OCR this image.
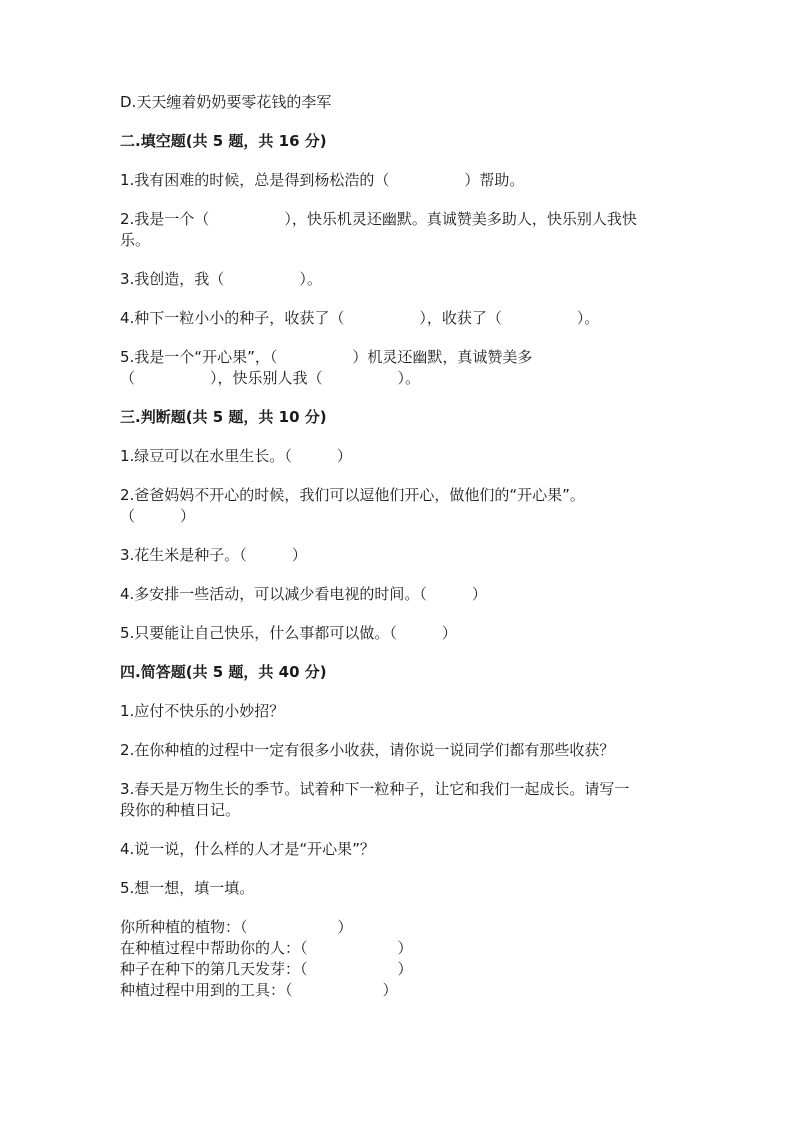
D.天天缠着奶奶要零花钱的李军

二.填空题(共 5 题，共 16 分)

1.我有困难的时候，总是得到杨松浩的（　　　　　）帮助。

2.我是一个（　　　　　），快乐机灵还幽默。真诚赞美多助人，快乐别人我快

乐。

3.我创造，我（　　　　　）。

4.种下一粒小小的种子，收获了（　　　　　），收获了（　　　　　）。

5.我是一个“开心果”，（　　　　　）机灵还幽默，真诚赞美多

（　　　　　），快乐别人我（　　　　　）。

三.判断题(共 5 题，共 10 分)

1.绿豆可以在水里生长。（　　　）

2.爸爸妈妈不开心的时候，我们可以逗他们开心，做他们的“开心果”。

（　　　）

3.花生米是种子。（　　　）

4.多安排一些活动，可以减少看电视的时间。（　　　）

5.只要能让自己快乐，什么事都可以做。（　　　）

四.简答题(共 5 题，共 40 分)

1.应付不快乐的小妙招？

2.在你种植的过程中一定有很多小收获，请你说一说同学们都有那些收获？

3.春天是万物生长的季节。试着种下一粒种子，让它和我们一起成长。请写一

段你的种植日记。

4.说一说，什么样的人才是“开心果”？

5.想一想，填一填。

你所种植的植物：（　　　　　　）

在种植过程中帮助你的人：（　　　　　　）

种子在种下的第几天发芽：（　　　　　　）

种植过程中用到的工具：（　　　　　　）
